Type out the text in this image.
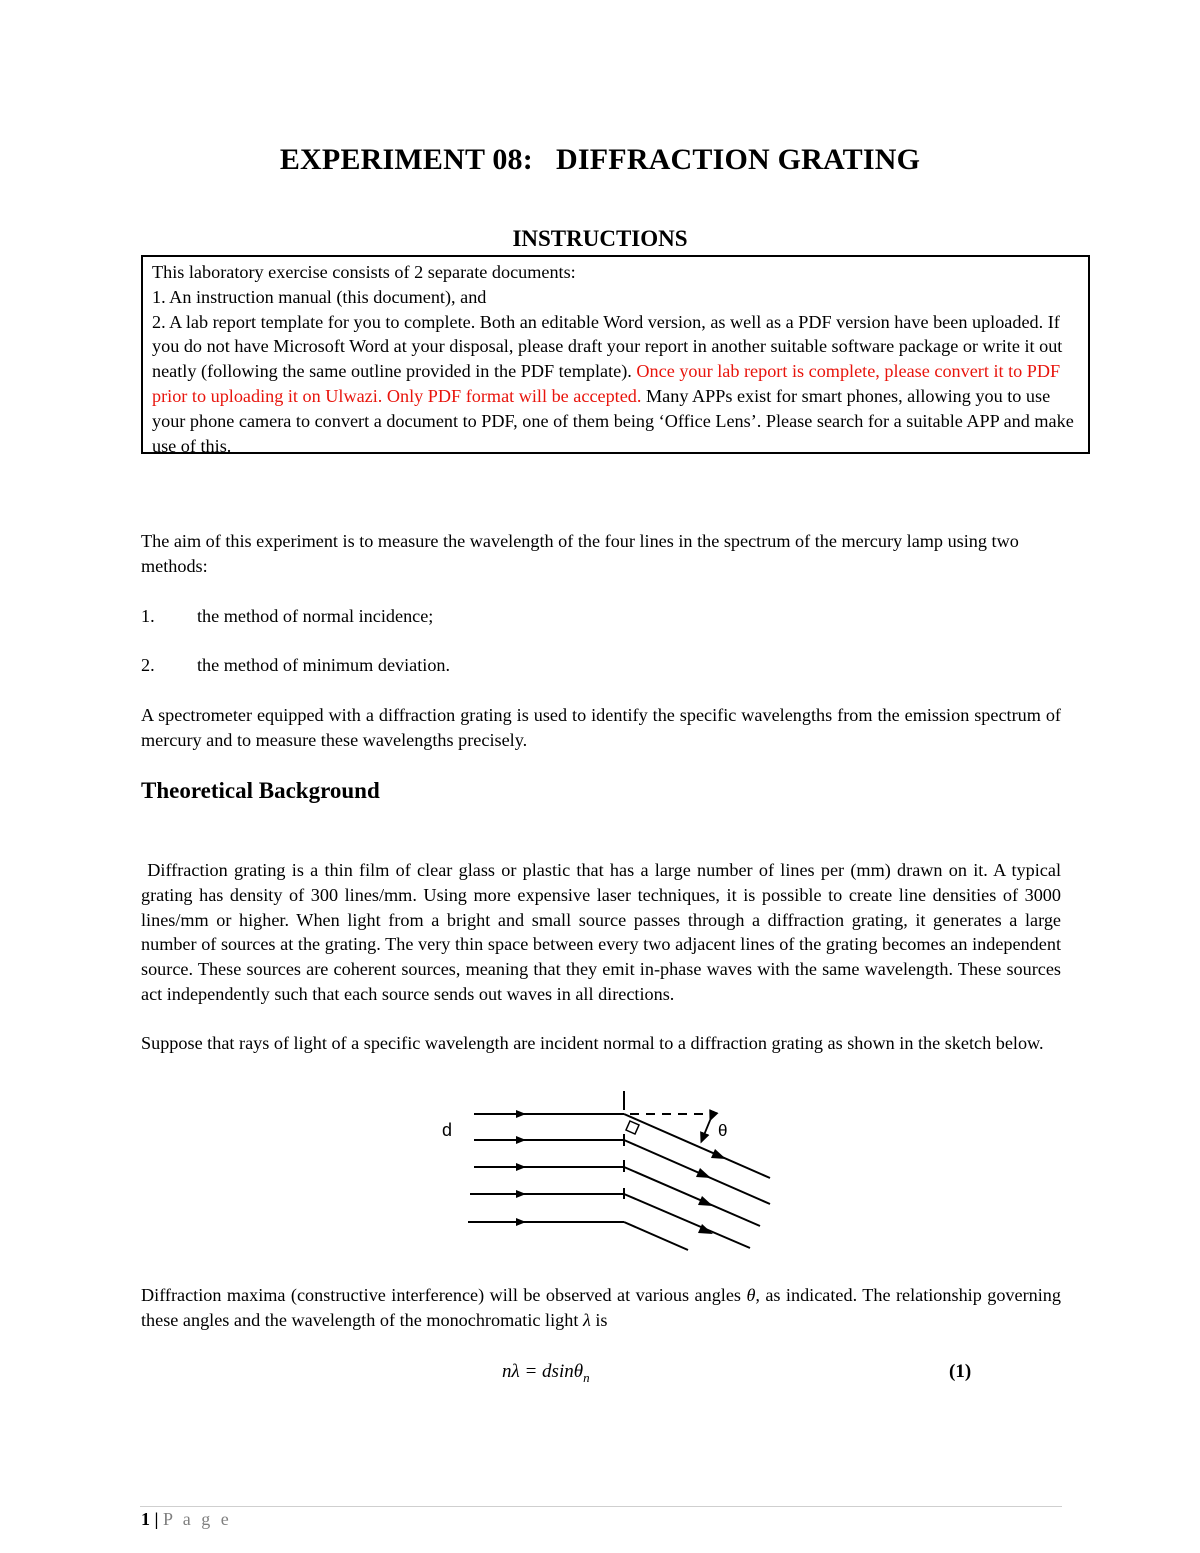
EXPERIMENT 08:   DIFFRACTION GRATING
INSTRUCTIONS
This laboratory exercise consists of 2 separate documents:
1. An instruction manual (this document), and
2. A lab report template for you to complete. Both an editable Word version, as well as a PDF version have been uploaded. If you do not have Microsoft Word at your disposal, please draft your report in another suitable software package or write it out neatly (following the same outline provided in the PDF template). Once your lab report is complete, please convert it to PDF prior to uploading it on Ulwazi. Only PDF format will be accepted. Many APPs exist for smart phones, allowing you to use your phone camera to convert a document to PDF, one of them being ‘Office Lens’. Please search for a suitable APP and make use of this.
The aim of this experiment is to measure the wavelength of the four lines in the spectrum of the mercury lamp using two methods:
1. the method of normal incidence;
2. the method of minimum deviation.
A spectrometer equipped with a diffraction grating is used to identify the specific wavelengths from the emission spectrum of mercury and to measure these wavelengths precisely.
Theoretical Background
Diffraction grating is a thin film of clear glass or plastic that has a large number of lines per (mm) drawn on it. A typical grating has density of 300 lines/mm. Using more expensive laser techniques, it is possible to create line densities of 3000 lines/mm or higher. When light from a bright and small source passes through a diffraction grating, it generates a large number of sources at the grating. The very thin space between every two adjacent lines of the grating becomes an independent source. These sources are coherent sources, meaning that they emit in-phase waves with the same wavelength. These sources act independently such that each source sends out waves in all directions.
Suppose that rays of light of a specific wavelength are incident normal to a diffraction grating as shown in the sketch below.
d	θ
Diffraction maxima (constructive interference) will be observed at various angles θ, as indicated. The relationship governing these angles and the wavelength of the monochromatic light λ is
nλ = dsinθ$_n$	(1)
1 | P a g e
